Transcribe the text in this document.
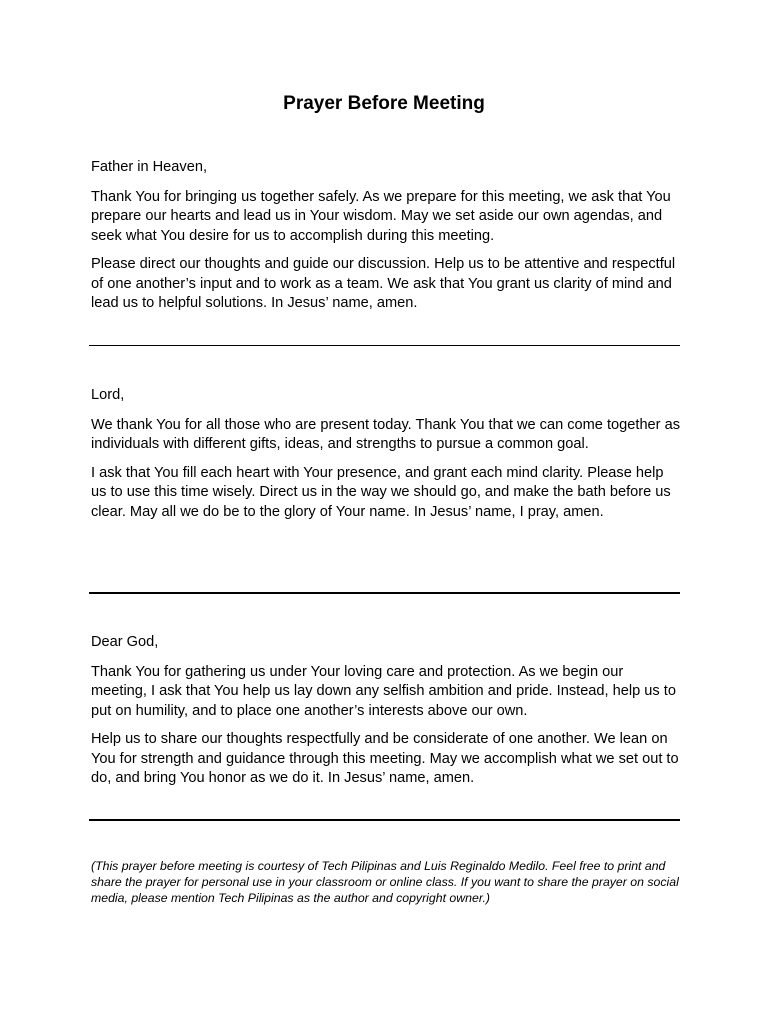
Prayer Before Meeting

Father in Heaven,

Thank You for bringing us together safely. As we prepare for this meeting, we ask that You prepare our hearts and lead us in Your wisdom. May we set aside our own agendas, and seek what You desire for us to accomplish during this meeting.

Please direct our thoughts and guide our discussion. Help us to be attentive and respectful of one another’s input and to work as a team. We ask that You grant us clarity of mind and lead us to helpful solutions. In Jesus’ name, amen.

Lord,

We thank You for all those who are present today. Thank You that we can come together as individuals with different gifts, ideas, and strengths to pursue a common goal.

I ask that You fill each heart with Your presence, and grant each mind clarity. Please help us to use this time wisely. Direct us in the way we should go, and make the bath before us clear. May all we do be to the glory of Your name. In Jesus’ name, I pray, amen.

Dear God,

Thank You for gathering us under Your loving care and protection. As we begin our meeting, I ask that You help us lay down any selfish ambition and pride. Instead, help us to put on humility, and to place one another’s interests above our own.

Help us to share our thoughts respectfully and be considerate of one another. We lean on You for strength and guidance through this meeting. May we accomplish what we set out to do, and bring You honor as we do it. In Jesus’ name, amen.

(This prayer before meeting is courtesy of Tech Pilipinas and Luis Reginaldo Medilo. Feel free to print and share the prayer for personal use in your classroom or online class. If you want to share the prayer on social media, please mention Tech Pilipinas as the author and copyright owner.)
